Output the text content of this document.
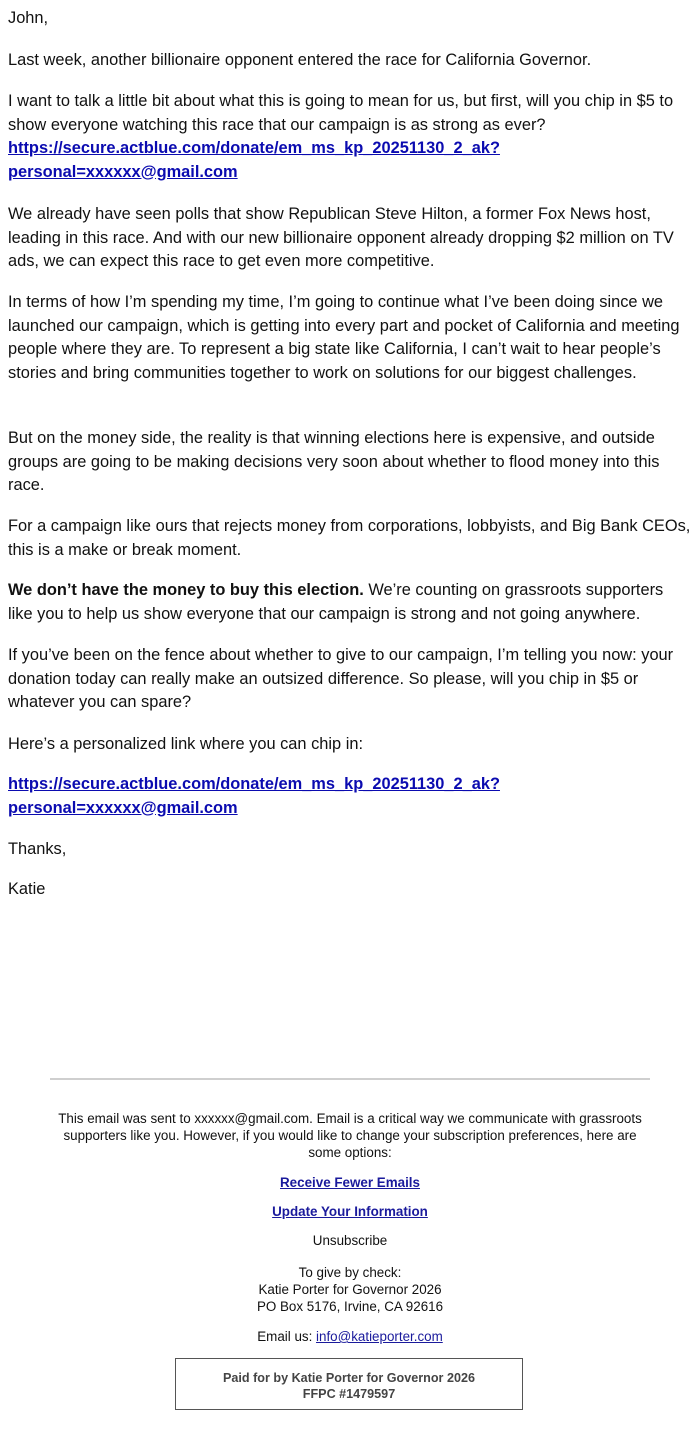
John,

Last week, another billionaire opponent entered the race for California Governor.

I want to talk a little bit about what this is going to mean for us, but first, will you chip in $5 to show everyone watching this race that our campaign is as strong as ever?
https://secure.actblue.com/donate/em_ms_kp_20251130_2_ak?
personal=xxxxxx@gmail.com

We already have seen polls that show Republican Steve Hilton, a former Fox News host, leading in this race. And with our new billionaire opponent already dropping $2 million on TV ads, we can expect this race to get even more competitive.

In terms of how I’m spending my time, I’m going to continue what I’ve been doing since we launched our campaign, which is getting into every part and pocket of California and meeting people where they are. To represent a big state like California, I can’t wait to hear people’s stories and bring communities together to work on solutions for our biggest challenges.

But on the money side, the reality is that winning elections here is expensive, and outside groups are going to be making decisions very soon about whether to flood money into this race.

For a campaign like ours that rejects money from corporations, lobbyists, and Big Bank CEOs, this is a make or break moment.

We don’t have the money to buy this election. We’re counting on grassroots supporters like you to help us show everyone that our campaign is strong and not going anywhere.

If you’ve been on the fence about whether to give to our campaign, I’m telling you now: your donation today can really make an outsized difference. So please, will you chip in $5 or whatever you can spare?

Here’s a personalized link where you can chip in:

https://secure.actblue.com/donate/em_ms_kp_20251130_2_ak?
personal=xxxxxx@gmail.com

Thanks,

Katie

This email was sent to xxxxxx@gmail.com. Email is a critical way we communicate with grassroots supporters like you. However, if you would like to change your subscription preferences, here are some options:
Receive Fewer Emails
Update Your Information
Unsubscribe
To give by check:
Katie Porter for Governor 2026
PO Box 5176, Irvine, CA 92616
Email us: info@katieporter.com
Paid for by Katie Porter for Governor 2026
FFPC #1479597
